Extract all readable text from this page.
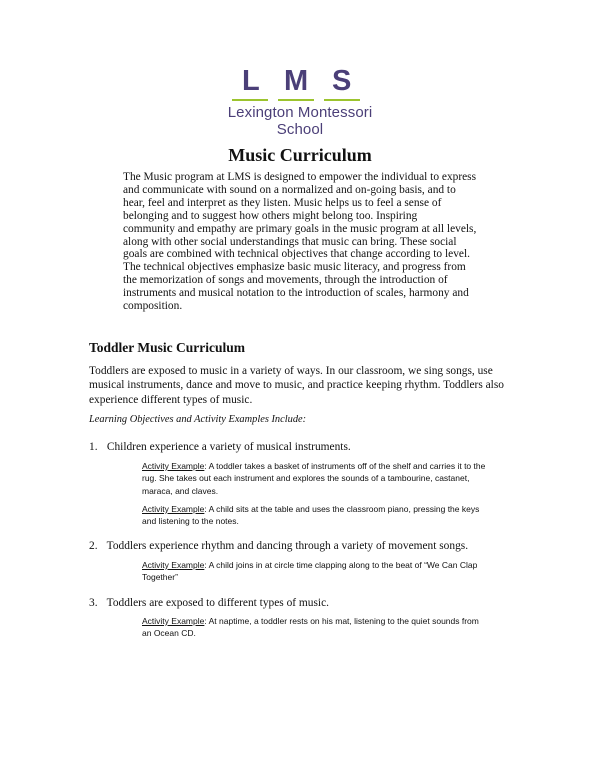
L M S
Lexington Montessori School
Music Curriculum
The Music program at LMS is designed to empower the individual to express
and communicate with sound on a normalized and on-going basis, and to
hear, feel and interpret as they listen. Music helps us to feel a sense of
belonging and to suggest how others might belong too. Inspiring
community and empathy are primary goals in the music program at all levels,
along with other social understandings that music can bring. These social
goals are combined with technical objectives that change according to level.
The technical objectives emphasize basic music literacy, and progress from
the memorization of songs and movements, through the introduction of
instruments and musical notation to the introduction of scales, harmony and
composition.
Toddler Music Curriculum
Toddlers are exposed to music in a variety of ways. In our classroom, we sing songs, use
musical instruments, dance and move to music, and practice keeping rhythm. Toddlers also
experience different types of music.
Learning Objectives and Activity Examples Include:
1. Children experience a variety of musical instruments.
Activity Example: A toddler takes a basket of instruments off of the shelf and carries it to the
rug. She takes out each instrument and explores the sounds of a tambourine, castanet,
maraca, and claves.
Activity Example: A child sits at the table and uses the classroom piano, pressing the keys
and listening to the notes.
2. Toddlers experience rhythm and dancing through a variety of movement songs.
Activity Example: A child joins in at circle time clapping along to the beat of “We Can Clap
Together”
3. Toddlers are exposed to different types of music.
Activity Example: At naptime, a toddler rests on his mat, listening to the quiet sounds from
an Ocean CD.
